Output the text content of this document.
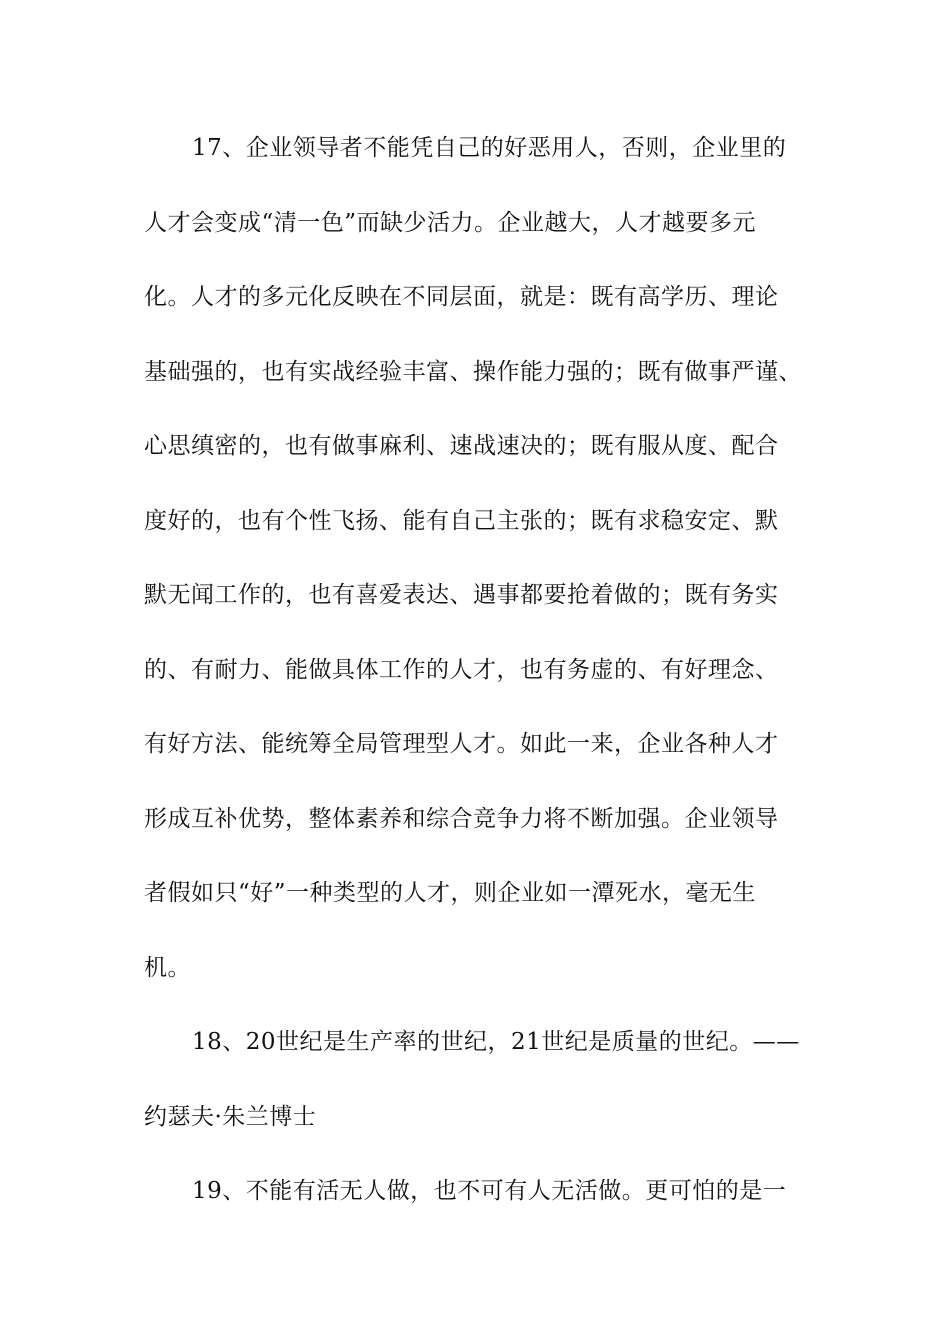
17、企业领导者不能凭自己的好恶用人，否则，企业里的
人才会变成“清一色”而缺少活力。企业越大，人才越要多元
化。人才的多元化反映在不同层面，就是：既有高学历、理论
基础强的，也有实战经验丰富、操作能力强的；既有做事严谨、
心思缜密的，也有做事麻利、速战速决的；既有服从度、配合
度好的，也有个性飞扬、能有自己主张的；既有求稳安定、默
默无闻工作的，也有喜爱表达、遇事都要抢着做的；既有务实
的、有耐力、能做具体工作的人才，也有务虚的、有好理念、
有好方法、能统筹全局管理型人才。如此一来，企业各种人才
形成互补优势，整体素养和综合竞争力将不断加强。企业领导
者假如只“好”一种类型的人才，则企业如一潭死水，毫无生
机。
18、20世纪是生产率的世纪，21世纪是质量的世纪。——
约瑟夫·朱兰博士
19、不能有活无人做，也不可有人无活做。更可怕的是一
